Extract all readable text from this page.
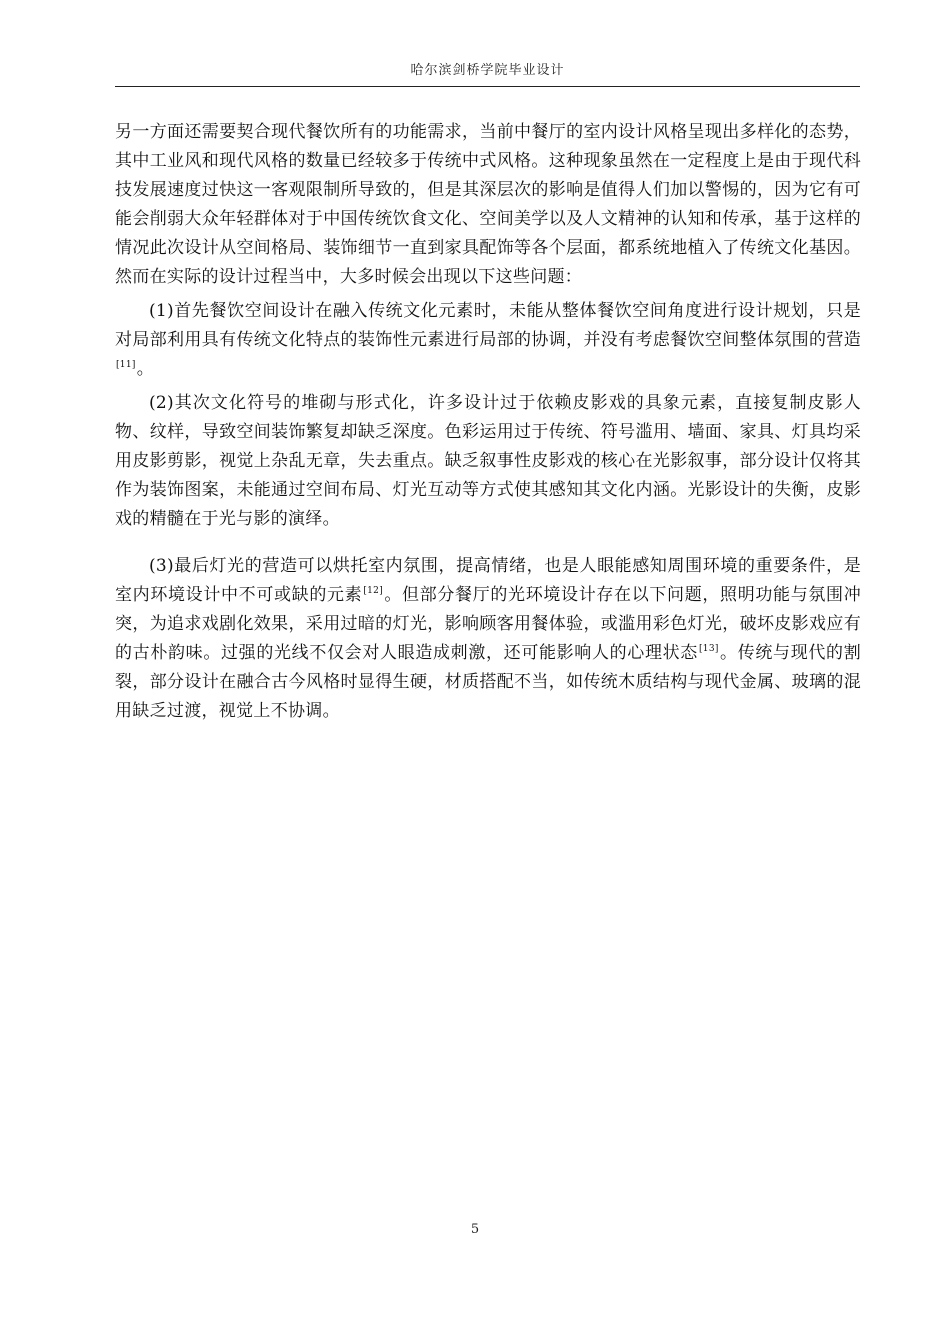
哈尔滨剑桥学院毕业设计

另一方面还需要契合现代餐饮所有的功能需求，当前中餐厅的室内设计风格呈现出多样化的态势，其中工业风和现代风格的数量已经较多于传统中式风格。这种现象虽然在一定程度上是由于现代科技发展速度过快这一客观限制所导致的，但是其深层次的影响是值得人们加以警惕的，因为它有可能会削弱大众年轻群体对于中国传统饮食文化、空间美学以及人文精神的认知和传承，基于这样的情况此次设计从空间格局、装饰细节一直到家具配饰等各个层面，都系统地植入了传统文化基因。然而在实际的设计过程当中，大多时候会出现以下这些问题：

(1)首先餐饮空间设计在融入传统文化元素时，未能从整体餐饮空间角度进行设计规划，只是对局部利用具有传统文化特点的装饰性元素进行局部的协调，并没有考虑餐饮空间整体氛围的营造[11]。

(2)其次文化符号的堆砌与形式化，许多设计过于依赖皮影戏的具象元素，直接复制皮影人物、纹样，导致空间装饰繁复却缺乏深度。色彩运用过于传统、符号滥用、墙面、家具、灯具均采用皮影剪影，视觉上杂乱无章，失去重点。缺乏叙事性皮影戏的核心在光影叙事，部分设计仅将其作为装饰图案，未能通过空间布局、灯光互动等方式使其感知其文化内涵。光影设计的失衡，皮影戏的精髓在于光与影的演绎。

(3)最后灯光的营造可以烘托室内氛围，提高情绪，也是人眼能感知周围环境的重要条件，是室内环境设计中不可或缺的元素[12]。但部分餐厅的光环境设计存在以下问题，照明功能与氛围冲突，为追求戏剧化效果，采用过暗的灯光，影响顾客用餐体验，或滥用彩色灯光，破坏皮影戏应有的古朴韵味。过强的光线不仅会对人眼造成刺激，还可能影响人的心理状态[13]。传统与现代的割裂，部分设计在融合古今风格时显得生硬，材质搭配不当，如传统木质结构与现代金属、玻璃的混用缺乏过渡，视觉上不协调。

5
